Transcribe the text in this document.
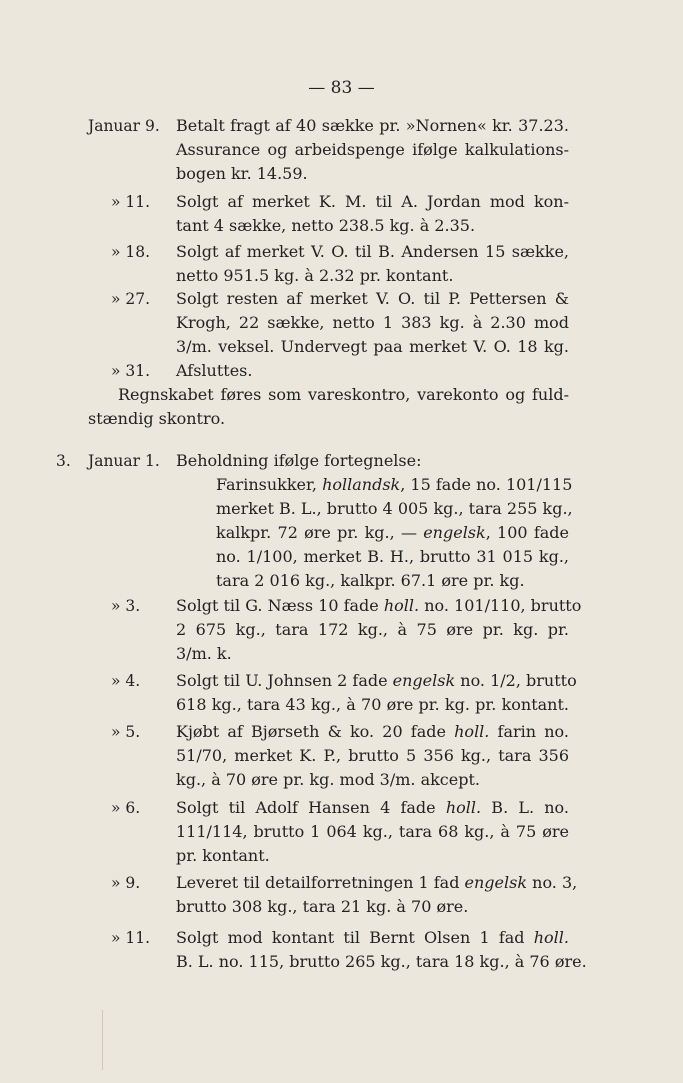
— 83 —
Januar 9. Betalt fragt af 40 sække pr. »Nornen« kr. 37.23.
Assurance og arbeidspenge ifølge kalkulations-
bogen kr. 14.59.
» 11. Solgt af merket K. M. til A. Jordan mod kon-
tant 4 sække, netto 238.5 kg. à 2.35.
» 18. Solgt af merket V. O. til B. Andersen 15 sække,
netto 951.5 kg. à 2.32 pr. kontant.
» 27. Solgt resten af merket V. O. til P. Pettersen &
Krogh, 22 sække, netto 1 383 kg. à 2.30 mod
3/m. veksel. Undervegt paa merket V. O. 18 kg.
» 31. Afsluttes.
Regnskabet føres som vareskontro, varekonto og fuld-
stændig skontro.
3. Januar 1. Beholdning ifølge fortegnelse:
Farinsukker, hollandsk, 15 fade no. 101/115
merket B. L., brutto 4 005 kg., tara 255 kg.,
kalkpr. 72 øre pr. kg., — engelsk, 100 fade
no. 1/100, merket B. H., brutto 31 015 kg.,
tara 2 016 kg., kalkpr. 67.1 øre pr. kg.
» 3. Solgt til G. Næss 10 fade holl. no. 101/110, brutto
2 675 kg., tara 172 kg., à 75 øre pr. kg. pr.
3/m. k.
» 4. Solgt til U. Johnsen 2 fade engelsk no. 1/2, brutto
618 kg., tara 43 kg., à 70 øre pr. kg. pr. kontant.
» 5. Kjøbt af Bjørseth & ko. 20 fade holl. farin no.
51/70, merket K. P., brutto 5 356 kg., tara 356
kg., à 70 øre pr. kg. mod 3/m. akcept.
» 6. Solgt til Adolf Hansen 4 fade holl. B. L. no.
111/114, brutto 1 064 kg., tara 68 kg., à 75 øre
pr. kontant.
» 9. Leveret til detailforretningen 1 fad engelsk no. 3,
brutto 308 kg., tara 21 kg. à 70 øre.
» 11. Solgt mod kontant til Bernt Olsen 1 fad holl.
B. L. no. 115, brutto 265 kg., tara 18 kg., à 76 øre.
